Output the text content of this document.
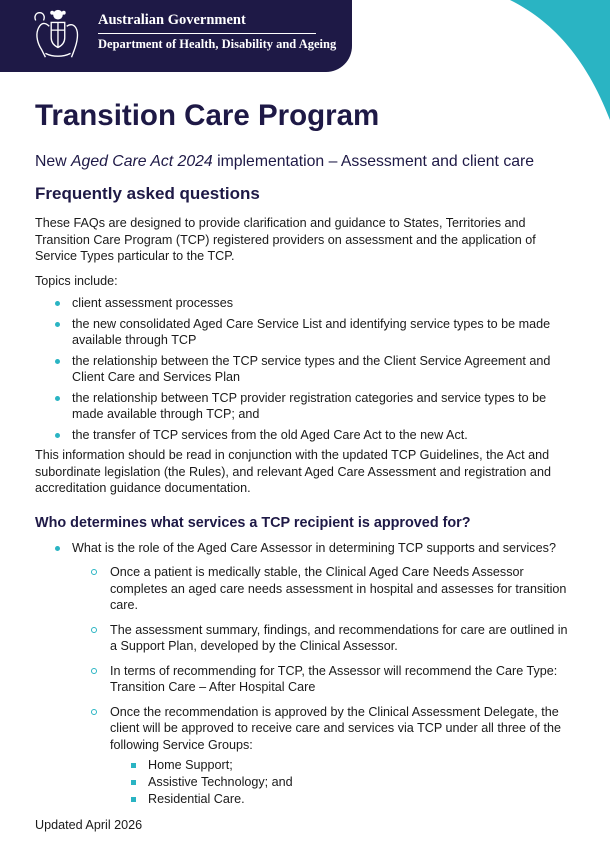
Australian Government
Department of Health, Disability and Ageing
Transition Care Program
New Aged Care Act 2024 implementation – Assessment and client care
Frequently asked questions

These FAQs are designed to provide clarification and guidance to States, Territories and Transition Care Program (TCP) registered providers on assessment and the application of Service Types particular to the TCP.

Topics include:

client assessment processes
the new consolidated Aged Care Service List and identifying service types to be made available through TCP
the relationship between the TCP service types and the Client Service Agreement and Client Care and Services Plan
the relationship between TCP provider registration categories and service types to be made available through TCP; and
the transfer of TCP services from the old Aged Care Act to the new Act.

This information should be read in conjunction with the updated TCP Guidelines, the Act and subordinate legislation (the Rules), and relevant Aged Care Assessment and registration and accreditation guidance documentation.

Who determines what services a TCP recipient is approved for?
What is the role of the Aged Care Assessor in determining TCP supports and services?
Once a patient is medically stable, the Clinical Aged Care Needs Assessor completes an aged care needs assessment in hospital and assesses for transition care.
The assessment summary, findings, and recommendations for care are outlined in a Support Plan, developed by the Clinical Assessor.
In terms of recommending for TCP, the Assessor will recommend the Care Type: Transition Care – After Hospital Care
Once the recommendation is approved by the Clinical Assessment Delegate, the client will be approved to receive care and services via TCP under all three of the following Service Groups:
Home Support;
Assistive Technology; and
Residential Care.
Updated April 2026
